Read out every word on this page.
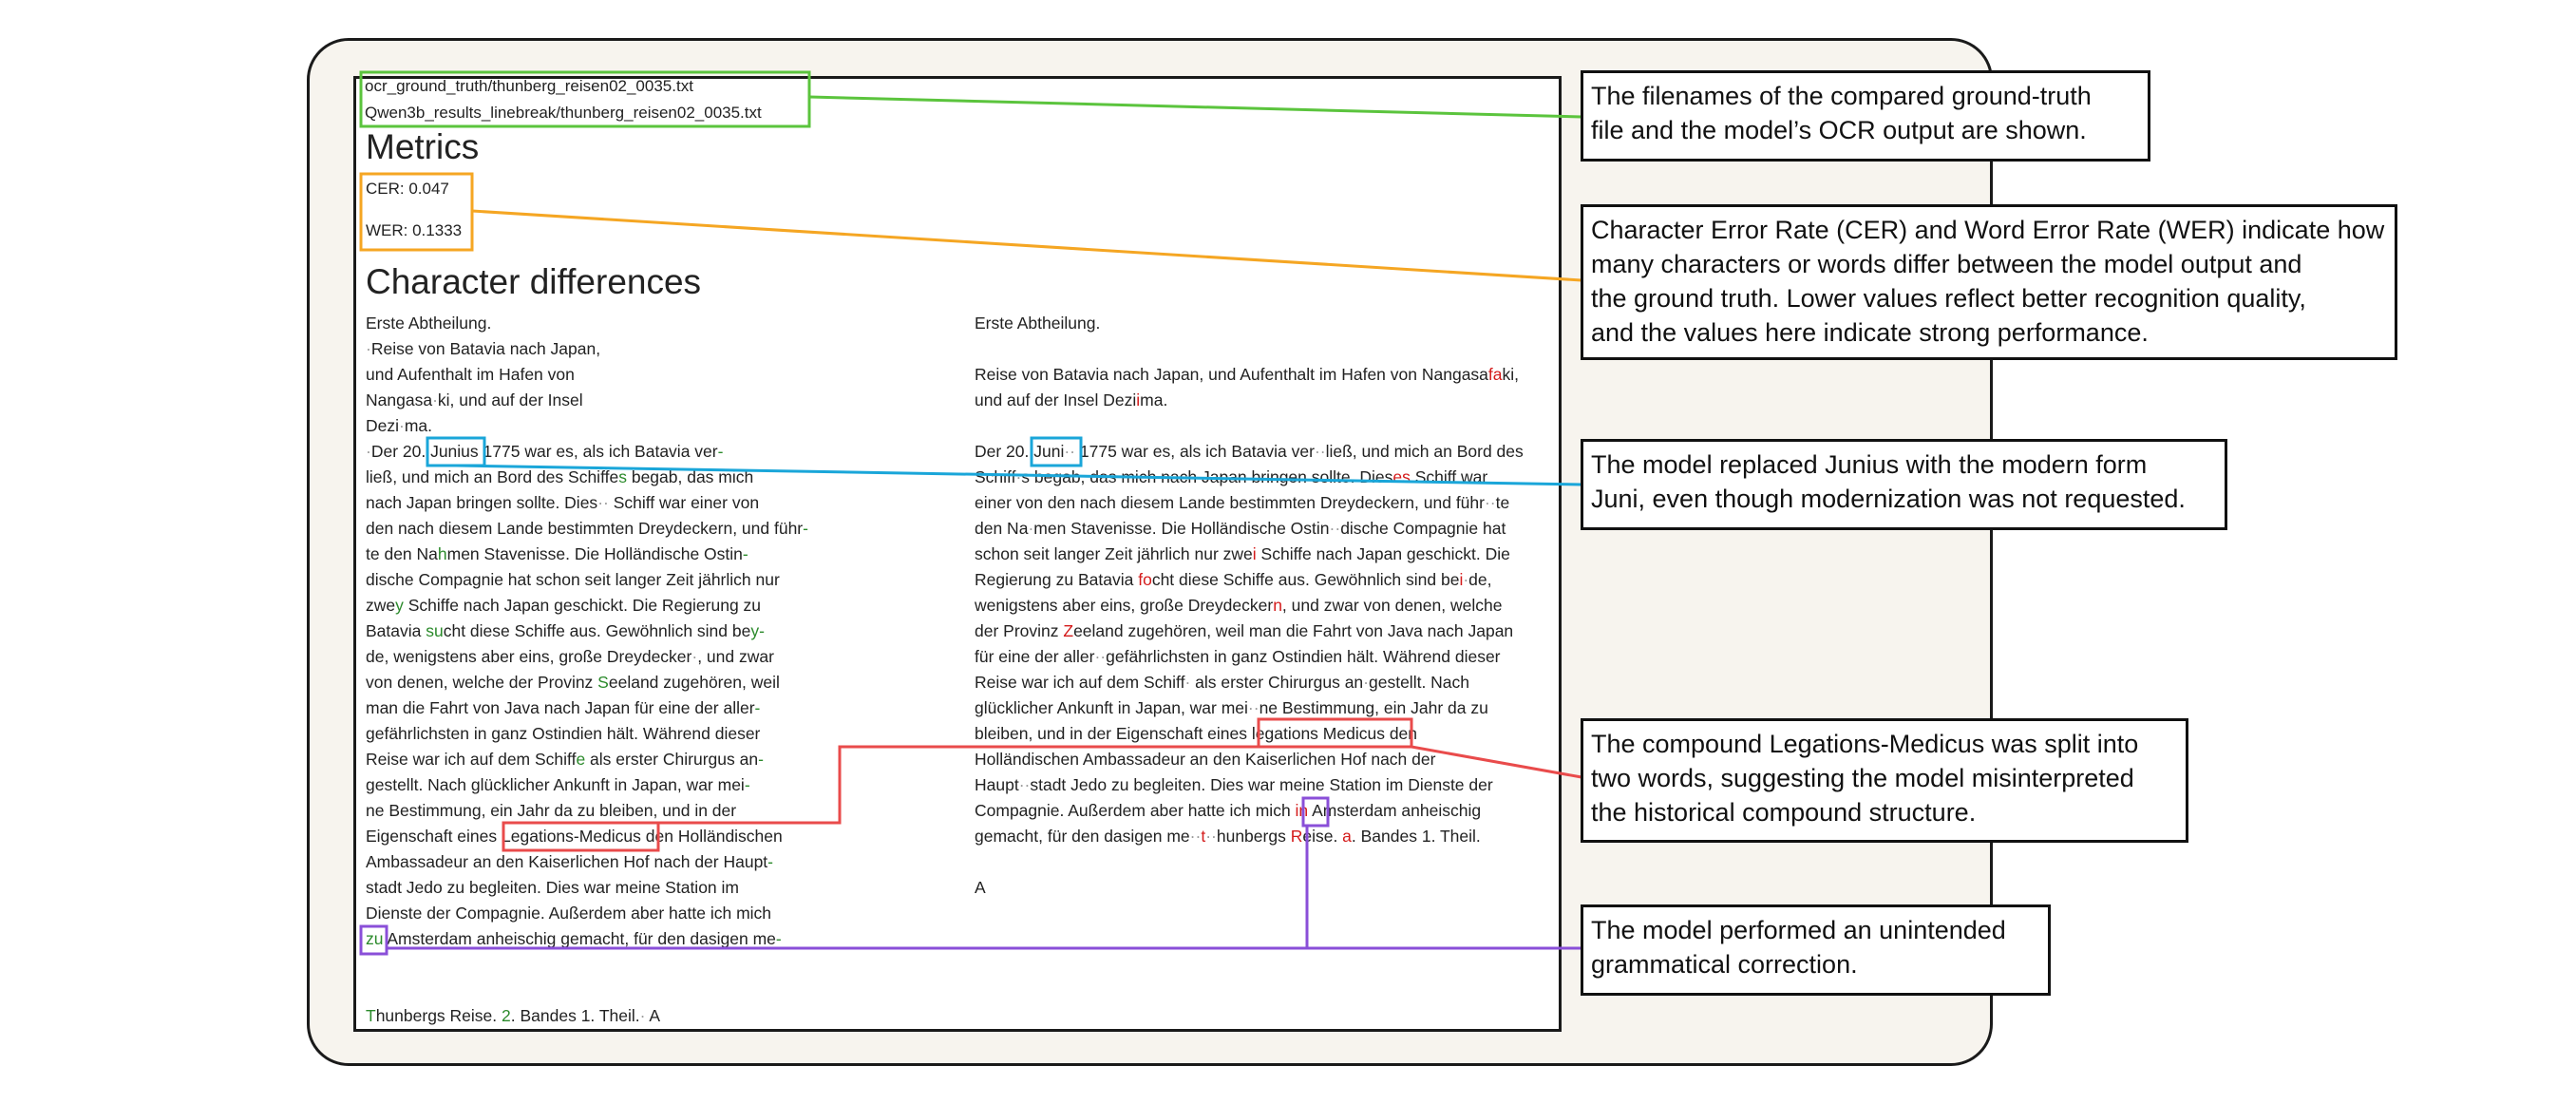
ocr_ground_truth/thunberg_reisen02_0035.txt
Qwen3b_results_linebreak/thunberg_reisen02_0035.txt
Metrics
CER: 0.047
WER: 0.1333
Character differences
Erste Abtheilung.
·Reise von Batavia nach Japan,
und Aufenthalt im Hafen von
Nangasa·ki, und auf der Insel
Dezi·ma.
·Der 20. Junius 1775 war es, als ich Batavia ver-
ließ, und mich an Bord des Schiffes begab, das mich
nach Japan bringen sollte. Dies·· Schiff war einer von
den nach diesem Lande bestimmten Dreydeckern, und führ-
te den Nahmen Stavenisse. Die Holländische Ostin-
dische Compagnie hat schon seit langer Zeit jährlich nur
zwey Schiffe nach Japan geschickt. Die Regierung zu
Batavia sucht diese Schiffe aus. Gewöhnlich sind bey-
de, wenigstens aber eins, große Dreydecker·, und zwar
von denen, welche der Provinz Seeland zugehören, weil
man die Fahrt von Java nach Japan für eine der aller-
gefährlichsten in ganz Ostindien hält. Während dieser
Reise war ich auf dem Schiffe als erster Chirurgus an-
gestellt. Nach glücklicher Ankunft in Japan, war mei-
ne Bestimmung, ein Jahr da zu bleiben, und in der
Eigenschaft eines Legations-Medicus den Holländischen
Ambassadeur an den Kaiserlichen Hof nach der Haupt-
stadt Jedo zu begleiten. Dies war meine Station im
Dienste der Compagnie. Außerdem aber hatte ich mich
zu Amsterdam anheischig gemacht, für den dasigen me-
Thunbergs Reise. 2. Bandes 1. Theil.· A
Erste Abtheilung.
Reise von Batavia nach Japan, und Aufenthalt im Hafen von Nangasafaki,
und auf der Insel Deziima.
Der 20. Juni·· 1775 war es, als ich Batavia ver··ließ, und mich an Bord des
Schiff·s begab, das mich nach Japan bringen sollte. Dieses Schiff war
einer von den nach diesem Lande bestimmten Dreydeckern, und führ··te
den Na·men Stavenisse. Die Holländische Ostin··dische Compagnie hat
schon seit langer Zeit jährlich nur zwei Schiffe nach Japan geschickt. Die
Regierung zu Batavia focht diese Schiffe aus. Gewöhnlich sind bei·de,
wenigstens aber eins, große Dreydeckern, und zwar von denen, welche
der Provinz Zeeland zugehören, weil man die Fahrt von Java nach Japan
für eine der aller··gefährlichsten in ganz Ostindien hält. Während dieser
Reise war ich auf dem Schiff· als erster Chirurgus an·gestellt. Nach
glücklicher Ankunft in Japan, war mei··ne Bestimmung, ein Jahr da zu
bleiben, und in der Eigenschaft eines legations Medicus den
Holländischen Ambassadeur an den Kaiserlichen Hof nach der
Haupt··stadt Jedo zu begleiten. Dies war meine Station im Dienste der
Compagnie. Außerdem aber hatte ich mich in Amsterdam anheischig
gemacht, für den dasigen me··t··hunbergs Reise. a. Bandes 1. Theil.
A
The filenames of the compared ground-truth
file and the model’s OCR output are shown.
Character Error Rate (CER) and Word Error Rate (WER) indicate how
many characters or words differ between the model output and
the ground truth. Lower values reflect better recognition quality,
and the values here indicate strong performance.
The model replaced Junius with the modern form
Juni, even though modernization was not requested.
The compound Legations-Medicus was split into
two words, suggesting the model misinterpreted
the historical compound structure.
The model performed an unintended
grammatical correction.
